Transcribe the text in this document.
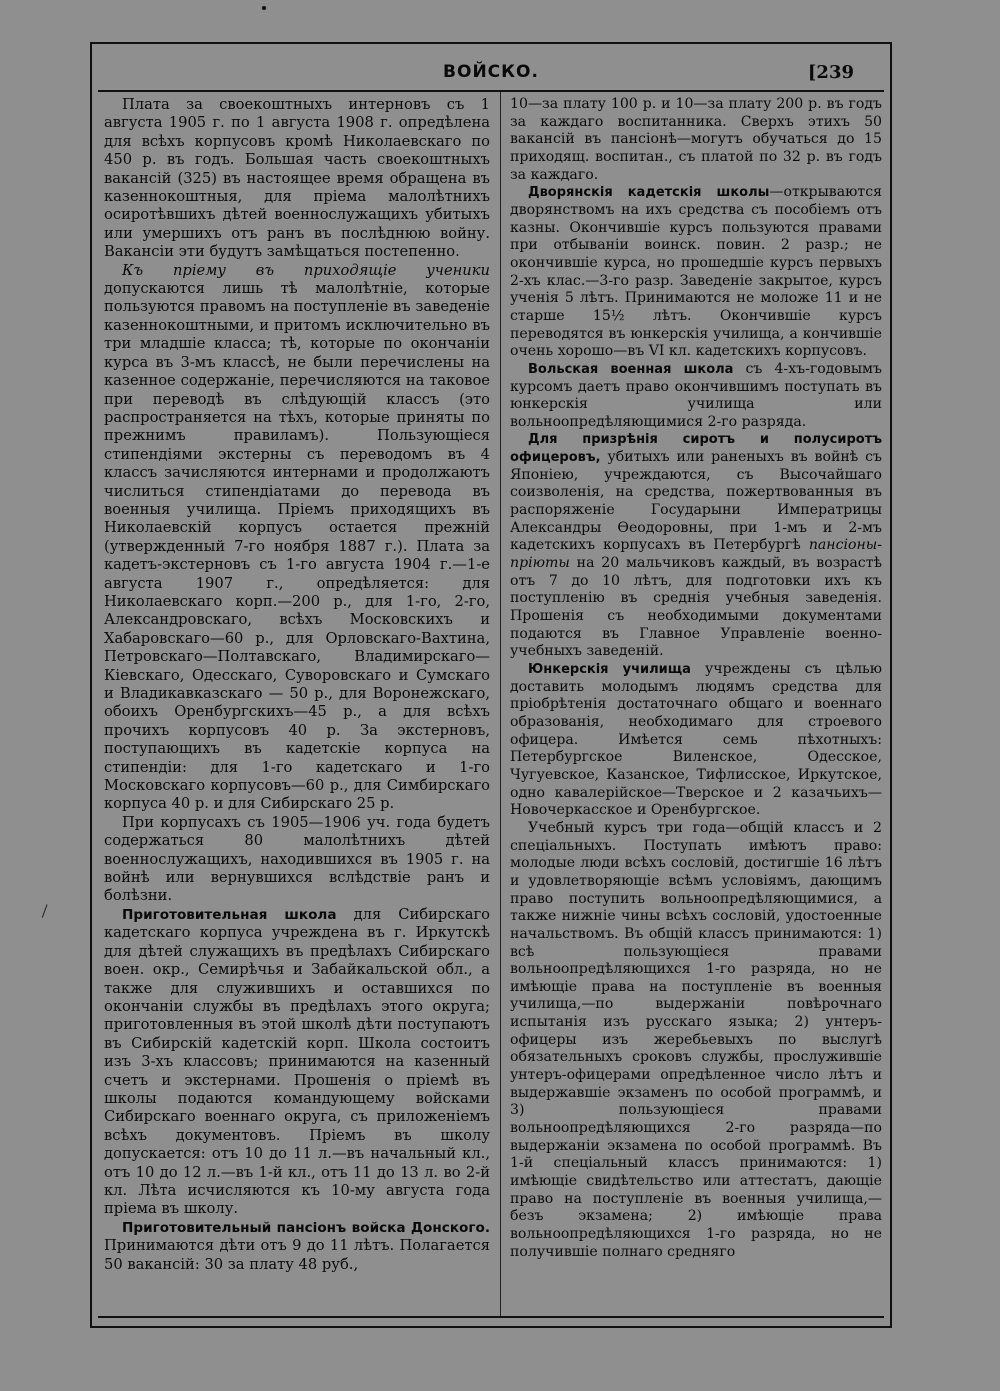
ВОЙСКО.	[239

Плата за своекоштныхъ интерновъ съ 1 августа 1905 г. по 1 августа 1908 г. опредѣлена для всѣхъ корпусовъ кромѣ Николаевскаго по 450 р. въ годъ. Большая часть своекоштныхъ вакансій (325) въ настоящее время обращена въ казеннокоштныя, для пріема малолѣтнихъ осиротѣвшихъ дѣтей военнослужащихъ убитыхъ или умершихъ отъ ранъ въ послѣднюю войну. Вакансіи эти будутъ замѣщаться постепенно.

Къ пріему въ приходящіе ученики допускаются лишь тѣ малолѣтніе, которые пользуются правомъ на поступленіе въ заведеніе казеннокоштными, и притомъ исключительно въ три младшіе класса; тѣ, которые по окончаніи курса въ 3-мъ классѣ, не были перечислены на казенное содержаніе, перечисляются на таковое при переводѣ въ слѣдующій классъ (это распространяется на тѣхъ, которые приняты по прежнимъ правиламъ). Пользующіеся стипендіями экстерны съ переводомъ въ 4 классъ зачисляются интернами и продолжаютъ числиться стипендіатами до перевода въ военныя училища. Пріемъ приходящихъ въ Николаевскій корпусъ остается прежній (утвержденный 7-го ноября 1887 г.). Плата за кадетъ-экстерновъ съ 1-го августа 1904 г.—1-е августа 1907 г., опредѣляется: для Николаевскаго корп.—200 р., для 1-го, 2-го, Александровскаго, всѣхъ Московскихъ и Хабаровскаго—60 р., для Орловскаго-Вахтина, Петровскаго—Полтавскаго, Владимирскаго—Кіевскаго, Одесскаго, Суворовскаго и Сумскаго и Владикавказскаго — 50 р., для Воронежскаго, обоихъ Оренбургскихъ—45 р., а для всѣхъ прочихъ корпусовъ 40 р. За экстерновъ, поступающихъ въ кадетскіе корпуса на стипендіи: для 1-го кадетскаго и 1-го Московскаго корпусовъ—60 р., для Симбирскаго корпуса 40 р. и для Сибирскаго 25 р.

При корпусахъ съ 1905—1906 уч. года будетъ содержаться 80 малолѣтнихъ дѣтей военнослужащихъ, находившихся въ 1905 г. на войнѣ или вернувшихся вслѣдствіе ранъ и болѣзни.

Приготовительная школа для Сибирскаго кадетскаго корпуса учреждена въ г. Иркутскѣ для дѣтей служащихъ въ предѣлахъ Сибирскаго воен. окр., Семирѣчья и Забайкальской обл., а также для служившихъ и оставшихся по окончаніи службы въ предѣлахъ этого округа; приготовленныя въ этой школѣ дѣти поступаютъ въ Сибирскій кадетскій корп. Школа состоитъ изъ 3-хъ классовъ; принимаются на казенный счетъ и экстернами. Прошенія о пріемѣ въ школы подаются командующему войсками Сибирскаго военнаго округа, съ приложеніемъ всѣхъ документовъ. Пріемъ въ школу допускается: отъ 10 до 11 л.—въ начальный кл., отъ 10 до 12 л.—въ 1-й кл., отъ 11 до 13 л. во 2-й кл. Лѣта исчисляются къ 10-му августа года пріема въ школу.

Приготовительный пансіонъ войска Донского. Принимаются дѣти отъ 9 до 11 лѣтъ. Полагается 50 вакансій: 30 за плату 48 руб.,

10—за плату 100 р. и 10—за плату 200 р. въ годъ за каждаго воспитанника. Сверхъ этихъ 50 вакансій въ пансіонѣ—могутъ обучаться до 15 приходящ. воспитан., съ платой по 32 р. въ годъ за каждаго.

Дворянскія кадетскія школы—открываются дворянствомъ на ихъ средства съ пособіемъ отъ казны. Окончившіе курсъ пользуются правами при отбываніи воинск. повин. 2 разр.; не окончившіе курса, но прошедшіе курсъ первыхъ 2-хъ клас.—3-го разр. Заведеніе закрытое, курсъ ученія 5 лѣтъ. Принимаются не моложе 11 и не старше 15½ лѣтъ. Окончившіе курсъ переводятся въ юнкерскія училища, а кончившіе очень хорошо—въ VI кл. кадетскихъ корпусовъ.

Вольская военная школа съ 4-хъ-годовымъ курсомъ даетъ право окончившимъ поступать въ юнкерскія училища или вольноопредѣляющимися 2-го разряда.

Для призрѣнія сиротъ и полусиротъ офицеровъ, убитыхъ или раненыхъ въ войнѣ съ Японіею, учреждаются, съ Высочайшаго соизволенія, на средства, пожертвованныя въ распоряженіе Государыни Императрицы Александры Ѳеодоровны, при 1-мъ и 2-мъ кадетскихъ корпусахъ въ Петербургѣ пансіоны-пріюты на 20 мальчиковъ каждый, въ возрастѣ отъ 7 до 10 лѣтъ, для подготовки ихъ къ поступленію въ среднія учебныя заведенія. Прошенія съ необходимыми документами подаются въ Главное Управленіе военно-учебныхъ заведеній.

Юнкерскія училища учреждены съ цѣлью доставить молодымъ людямъ средства для пріобрѣтенія достаточнаго общаго и военнаго образованія, необходимаго для строевого офицера. Имѣется семь пѣхотныхъ: Петербургское Виленское, Одесское, Чугуевское, Казанское, Тифлисское, Иркутское, одно кавалерійское—Тверское и 2 казачьихъ—Новочеркасское и Оренбургское.

Учебный курсъ три года—общій классъ и 2 спеціальныхъ. Поступать имѣютъ право: молодые люди всѣхъ сословій, достигшіе 16 лѣтъ и удовлетворяющіе всѣмъ условіямъ, дающимъ право поступить вольноопредѣляющимися, а также нижніе чины всѣхъ сословій, удостоенные начальствомъ. Въ общій классъ принимаются: 1) всѣ пользующіеся правами вольноопредѣляющихся 1-го разряда, но не имѣющіе права на поступленіе въ военныя училища,—по выдержаніи повѣрочнаго испытанія изъ русскаго языка; 2) унтеръ-офицеры изъ жеребьевыхъ по выслугѣ обязательныхъ сроковъ службы, прослужившіе унтеръ-офицерами опредѣленное число лѣтъ и выдержавшіе экзаменъ по особой программѣ, и 3) пользующіеся правами вольноопредѣляющихся 2-го разряда—по выдержаніи экзамена по особой программѣ. Въ 1-й спеціальный классъ принимаются: 1) имѣющіе свидѣтельство или аттестатъ, дающіе право на поступленіе въ военныя училища,—безъ экзамена; 2) имѣющіе права вольноопредѣляющихся 1-го разряда, но не получившіе полнаго средняго
